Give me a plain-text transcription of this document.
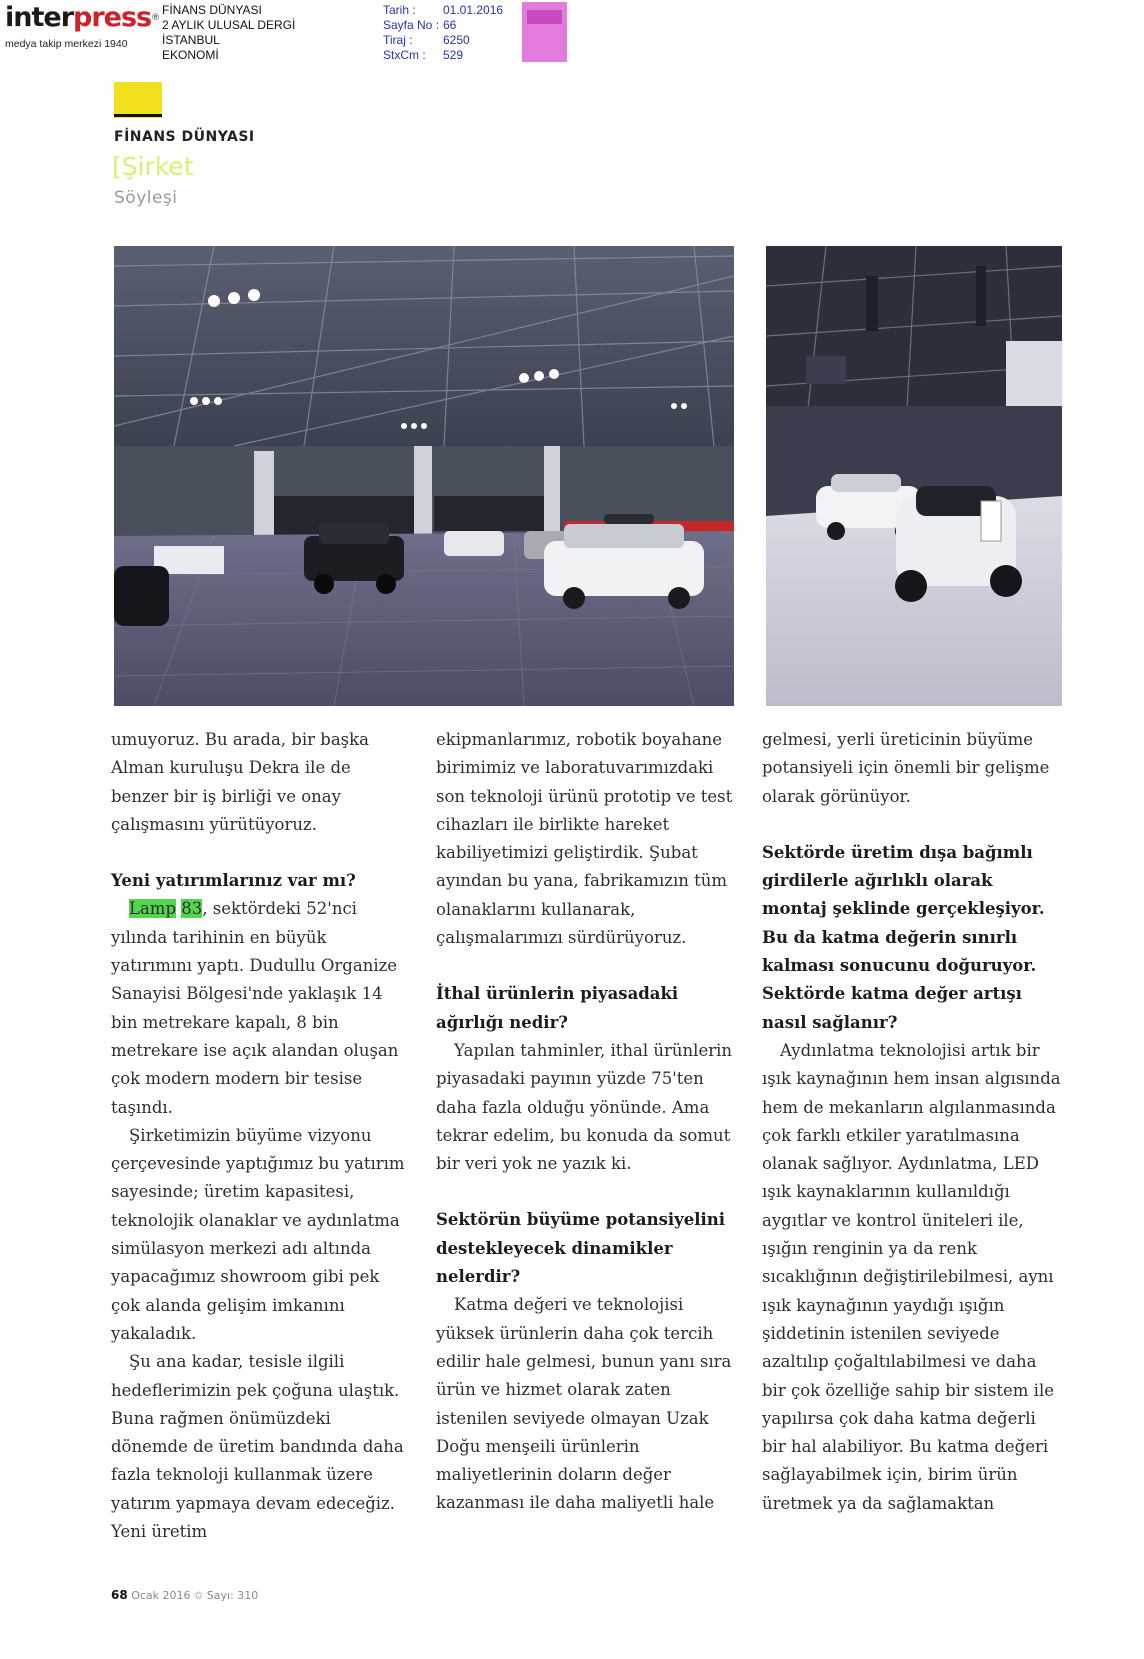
interpress®
medya takip merkezi 1940
FİNANS DÜNYASI
2 AYLIK ULUSAL DERGİ
İSTANBUL
EKONOMİ
Tarih :	01.01.2016
Sayfa No : 66
Tiraj :	6250
StxCm :	529
FİNANS DÜNYASI
[Şirket
Söyleşi

umuyoruz. Bu arada, bir başka Alman kuruluşu Dekra ile de benzer bir iş birliği ve onay çalışmasını yürütüyoruz.

Yeni yatırımlarınız var mı?

Lamp 83, sektördeki 52'nci yılında tarihinin en büyük yatırımını yaptı. Dudullu Organize Sanayisi Bölgesi'nde yaklaşık 14 bin metrekare kapalı, 8 bin metrekare ise açık alandan oluşan çok modern modern bir tesise taşındı.

Şirketimizin büyüme vizyonu çerçevesinde yaptığımız bu yatırım sayesinde; üretim kapasitesi, teknolojik olanaklar ve aydınlatma simülasyon merkezi adı altında yapacağımız showroom gibi pek çok alanda gelişim imkanını yakaladık.

Şu ana kadar, tesisle ilgili hedeflerimizin pek çoğuna ulaştık. Buna rağmen önümüzdeki dönemde de üretim bandında daha fazla teknoloji kullanmak üzere yatırım yapmaya devam edeceğiz. Yeni üretim

ekipmanlarımız, robotik boyahane birimimiz ve laboratuvarımızdaki son teknoloji ürünü prototip ve test cihazları ile birlikte hareket kabiliyetimizi geliştirdik. Şubat ayından bu yana, fabrikamızın tüm olanaklarını kullanarak, çalışmalarımızı sürdürüyoruz.

İthal ürünlerin piyasadaki ağırlığı nedir?

Yapılan tahminler, ithal ürünlerin piyasadaki payının yüzde 75'ten daha fazla olduğu yönünde. Ama tekrar edelim, bu konuda da somut bir veri yok ne yazık ki.

Sektörün büyüme potansiyelini destekleyecek dinamikler nelerdir?

Katma değeri ve teknolojisi yüksek ürünlerin daha çok tercih edilir hale gelmesi, bunun yanı sıra ürün ve hizmet olarak zaten istenilen seviyede olmayan Uzak Doğu menşeili ürünlerin maliyetlerinin doların değer kazanması ile daha maliyetli hale

gelmesi, yerli üreticinin büyüme potansiyeli için önemli bir gelişme olarak görünüyor.

Sektörde üretim dışa bağımlı girdilerle ağırlıklı olarak montaj şeklinde gerçekleşiyor. Bu da katma değerin sınırlı kalması sonucunu doğuruyor. Sektörde katma değer artışı nasıl sağlanır?

Aydınlatma teknolojisi artık bir ışık kaynağının hem insan algısında hem de mekanların algılanmasında çok farklı etkiler yaratılmasına olanak sağlıyor. Aydınlatma, LED ışık kaynaklarının kullanıldığı aygıtlar ve kontrol üniteleri ile, ışığın renginin ya da renk sıcaklığının değiştirilebilmesi, aynı ışık kaynağının yaydığı ışığın şiddetinin istenilen seviyede azaltılıp çoğaltılabilmesi ve daha bir çok özelliğe sahip bir sistem ile yapılırsa çok daha katma değerli bir hal alabiliyor. Bu katma değeri sağlayabilmek için, birim ürün üretmek ya da sağlamaktan

68 Ocak 2016 ✩ Sayı: 310
